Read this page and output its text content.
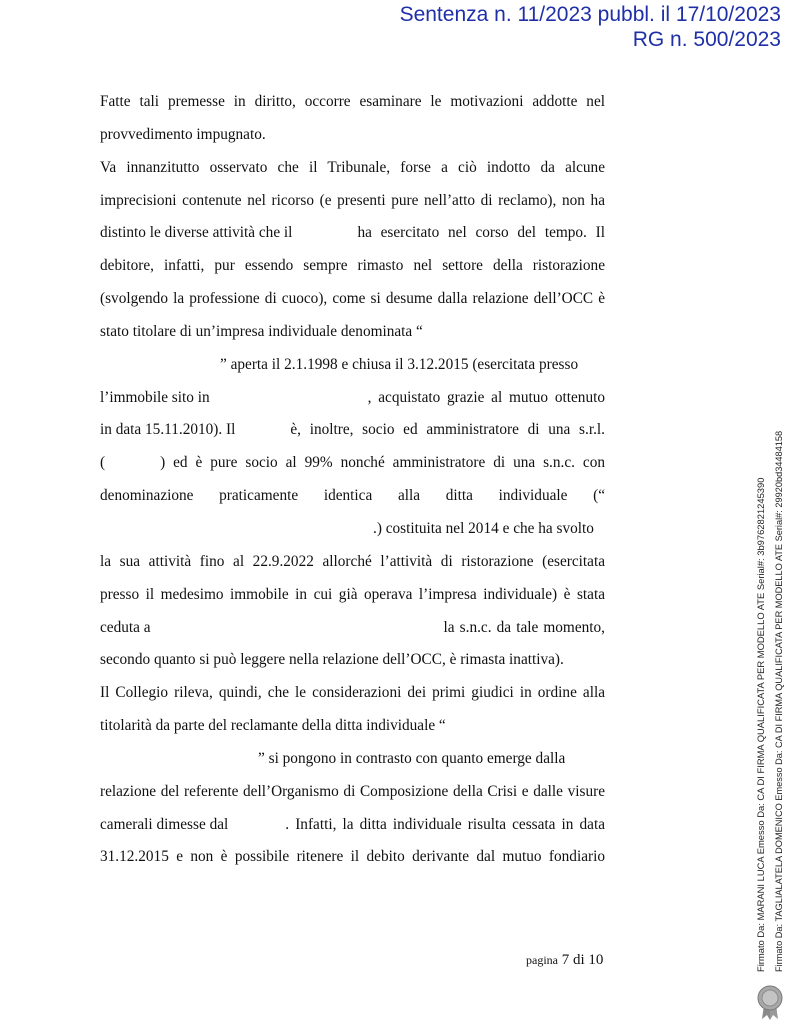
Sentenza n. 11/2023 pubbl. il 17/10/2023
RG n. 500/2023
Fatte tali premesse in diritto, occorre esaminare le motivazioni addotte nel
provvedimento impugnato.
Va innanzitutto osservato che il Tribunale, forse a ciò indotto da alcune
imprecisioni contenute nel ricorso (e presenti pure nell’atto di reclamo), non ha
distinto le diverse attività che il	ha esercitato nel corso del tempo. Il
debitore, infatti, pur essendo sempre rimasto nel settore della ristorazione
(svolgendo la professione di cuoco), come si desume dalla relazione dell’OCC è
stato titolare di un’impresa individuale denominata “
” aperta il 2.1.1998 e chiusa il 3.12.2015 (esercitata presso
l’immobile sito in	, acquistato grazie al mutuo ottenuto
in data 15.11.2010). Il	è, inoltre, socio ed amministratore di una s.r.l.
(	) ed è pure socio al 99% nonché amministratore di una s.n.c. con
denominazione praticamente identica alla ditta individuale (“
.) costituita nel 2014 e che ha svolto
la sua attività fino al 22.9.2022 allorché l’attività di ristorazione (esercitata
presso il medesimo immobile in cui già operava l’impresa individuale) è stata
ceduta a	la s.n.c. da tale momento,
secondo quanto si può leggere nella relazione dell’OCC, è rimasta inattiva).
Il Collegio rileva, quindi, che le considerazioni dei primi giudici in ordine alla
titolarità da parte del reclamante della ditta individuale “
” si pongono in contrasto con quanto emerge dalla
relazione del referente dell’Organismo di Composizione della Crisi e dalle visure
camerali dimesse dal	. Infatti, la ditta individuale risulta cessata in data
31.12.2015 e non è possibile ritenere il debito derivante dal mutuo fondiario
pagina 7 di 10	Firmato Da: MARANI LUCA Emesso Da: CA DI FIRMA QUALIFICATA PER MODELLO ATE Serial#: 3b9762821245390 Firmato Da: TAGLIALATELA DOMENICO Emesso Da: CA DI FIRMA QUALIFICATA PER MODELLO ATE Serial#: 29920bd34484158
